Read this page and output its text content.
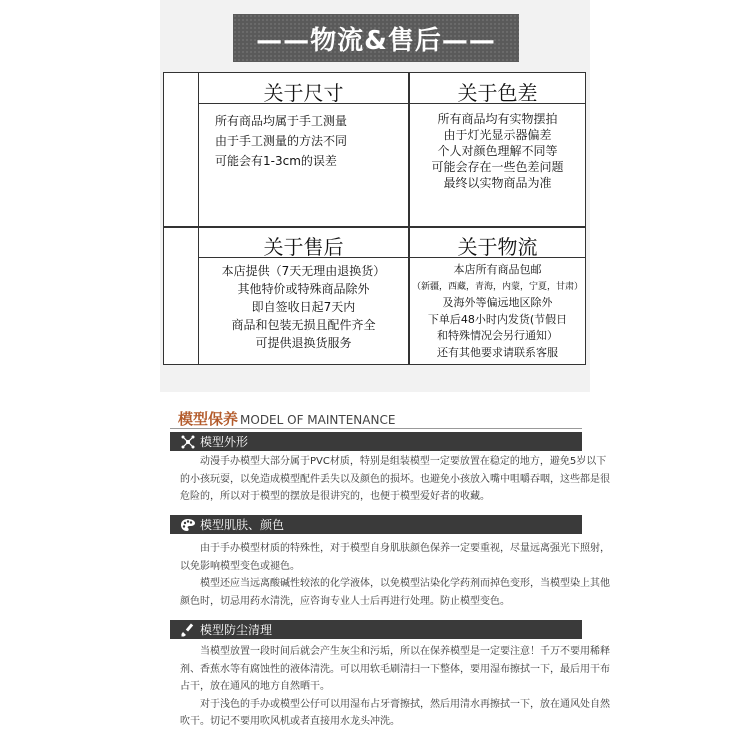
——物流&售后——
关于尺寸
所有商品均属于手工测量
由于手工测量的方法不同
可能会有1-3cm的误差
关于色差
所有商品均有实物摆拍
由于灯光显示器偏差
个人对颜色理解不同等
可能会存在一些色差问题
最终以实物商品为准
关于售后
本店提供（7天无理由退换货）
其他特价或特殊商品除外
即自签收日起7天内
商品和包装无损且配件齐全
可提供退换货服务
关于物流
本店所有商品包邮
（新疆，西藏，青海，内蒙，宁夏，甘肃）
及海外等偏远地区除外
下单后48小时内发货(节假日
和特殊情况会另行通知）
还有其他要求请联系客服
模型保养 MODEL OF MAINTENANCE
模型外形
动漫手办模型大部分属于PVC材质，特别是组装模型一定要放置在稳定的地方，避免5岁以下
的小孩玩耍，以免造成模型配件丢失以及颜色的损坏。也避免小孩放入嘴中咀嚼吞咽，这些都是很
危险的，所以对于模型的摆放是很讲究的，也便于模型爱好者的收藏。
模型肌肤、颜色
由于手办模型材质的特殊性，对于模型自身肌肤颜色保养一定要重视，尽量远离强光下照射，
以免影响模型变色或褪色。
模型还应当远离酸碱性较浓的化学液体，以免模型沾染化学药剂而掉色变形，当模型染上其他
颜色时，切忌用药水清洗，应咨询专业人士后再进行处理。防止模型变色。
模型防尘清理
当模型放置一段时间后就会产生灰尘和污垢，所以在保养模型是一定要注意！千万不要用稀释
剂、香蕉水等有腐蚀性的液体清洗。可以用软毛刷清扫一下整体，要用湿布擦拭一下，最后用干布
占干，放在通风的地方自然晒干。
对于浅色的手办或模型公仔可以用湿布占牙膏擦拭，然后用清水再擦拭一下，放在通风处自然
吹干。切记不要用吹风机或者直接用水龙头冲洗。
